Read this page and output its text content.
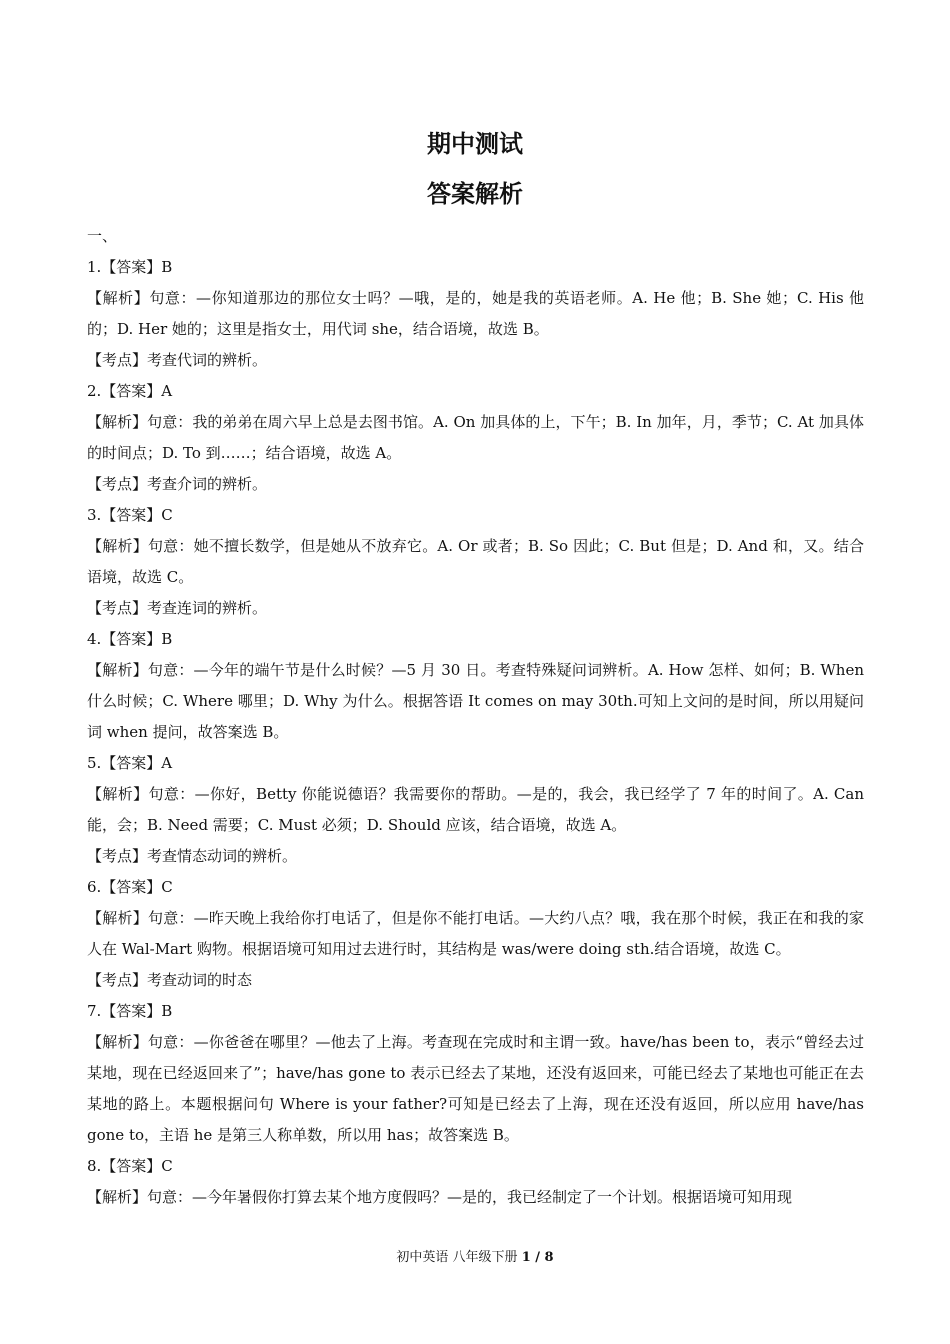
期中测试
答案解析
一、
1.【答案】B
【解析】句意：—你知道那边的那位女士吗？—哦，是的，她是我的英语老师。A. He 他；B. She 她；C. His 他的；D. Her 她的；这里是指女士，用代词 she，结合语境，故选 B。
【考点】考查代词的辨析。
2.【答案】A
【解析】句意：我的弟弟在周六早上总是去图书馆。A. On 加具体的上，下午；B. In 加年，月，季节；C. At 加具体的时间点；D. To 到……；结合语境，故选 A。
【考点】考查介词的辨析。
3.【答案】C
【解析】句意：她不擅长数学，但是她从不放弃它。A. Or 或者；B. So 因此；C. But 但是；D. And 和，又。结合语境，故选 C。
【考点】考查连词的辨析。
4.【答案】B
【解析】句意：—今年的端午节是什么时候？—5 月 30 日。考查特殊疑问词辨析。A. How 怎样、如何；B. When 什么时候；C. Where 哪里；D. Why 为什么。根据答语 It comes on may 30th.可知上文问的是时间，所以用疑问词 when 提问，故答案选 B。
5.【答案】A
【解析】句意：—你好，Betty 你能说德语？我需要你的帮助。—是的，我会，我已经学了 7 年的时间了。A. Can 能，会；B. Need 需要；C. Must 必须；D. Should 应该，结合语境，故选 A。
【考点】考查情态动词的辨析。
6.【答案】C
【解析】句意：—昨天晚上我给你打电话了，但是你不能打电话。—大约八点？哦，我在那个时候，我正在和我的家人在 Wal-Mart 购物。根据语境可知用过去进行时，其结构是 was/were doing sth.结合语境，故选 C。
【考点】考查动词的时态
7.【答案】B
【解析】句意：—你爸爸在哪里？—他去了上海。考查现在完成时和主谓一致。have/has been to，表示“曾经去过某地，现在已经返回来了”；have/has gone to 表示已经去了某地，还没有返回来，可能已经去了某地也可能正在去某地的路上。本题根据问句 Where is your father?可知是已经去了上海，现在还没有返回，所以应用 have/has gone to，主语 he 是第三人称单数，所以用 has；故答案选 B。
8.【答案】C
【解析】句意：—今年暑假你打算去某个地方度假吗？—是的，我已经制定了一个计划。根据语境可知用现
初中英语 八年级下册 1 / 8
